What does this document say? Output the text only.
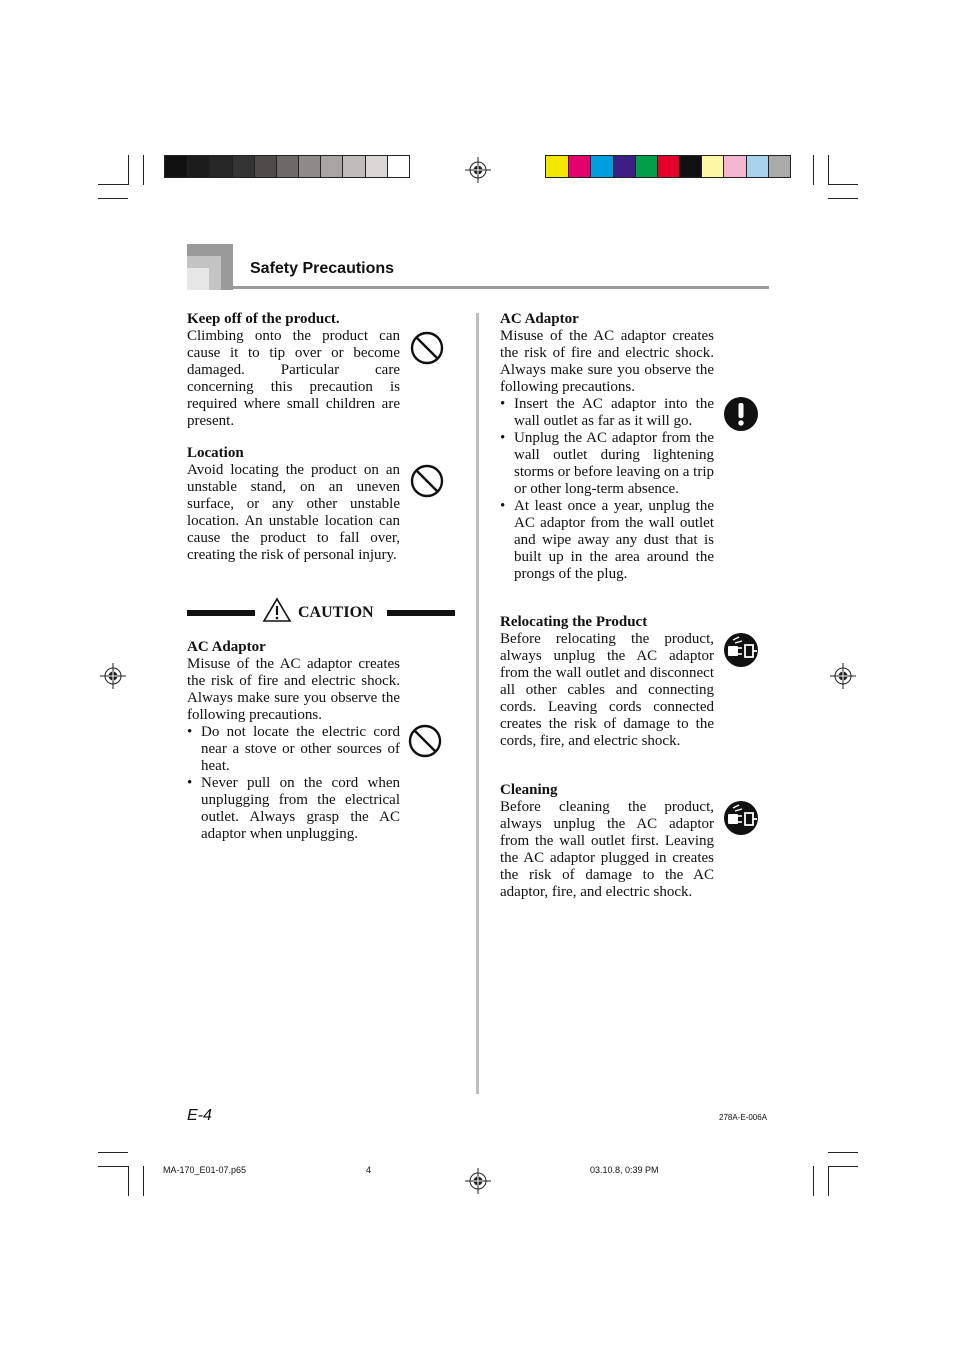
Safety Precautions
Keep off of the product.
Climbing onto the product can cause it to tip over or become damaged. Particular care concerning this precaution is required where small children are present.
Location
Avoid locating the product on an unstable stand, on an uneven surface, or any other unstable location. An unstable location can cause the product to fall over, creating the risk of personal injury.
CAUTION
AC Adaptor
Misuse of the AC adaptor creates the risk of fire and electric shock. Always make sure you observe the following precautions.
• Do not locate the electric cord near a stove or other sources of heat.
• Never pull on the cord when unplugging from the electrical outlet. Always grasp the AC adaptor when unplugging.
AC Adaptor
Misuse of the AC adaptor creates the risk of fire and electric shock. Always make sure you observe the following precautions.
• Insert the AC adaptor into the wall outlet as far as it will go.
• Unplug the AC adaptor from the wall outlet during lightening storms or before leaving on a trip or other long-term absence.
• At least once a year, unplug the AC adaptor from the wall outlet and wipe away any dust that is built up in the area around the prongs of the plug.
Relocating the Product
Before relocating the product, always unplug the AC adaptor from the wall outlet and disconnect all other cables and connecting cords. Leaving cords connected creates the risk of damage to the cords, fire, and electric shock.
Cleaning
Before cleaning the product, always unplug the AC adaptor from the wall outlet first. Leaving the AC adaptor plugged in creates the risk of damage to the AC adaptor, fire, and electric shock.
E-4	278A-E-006A
MA-170_E01-07.p65	4	03.10.8, 0:39 PM
